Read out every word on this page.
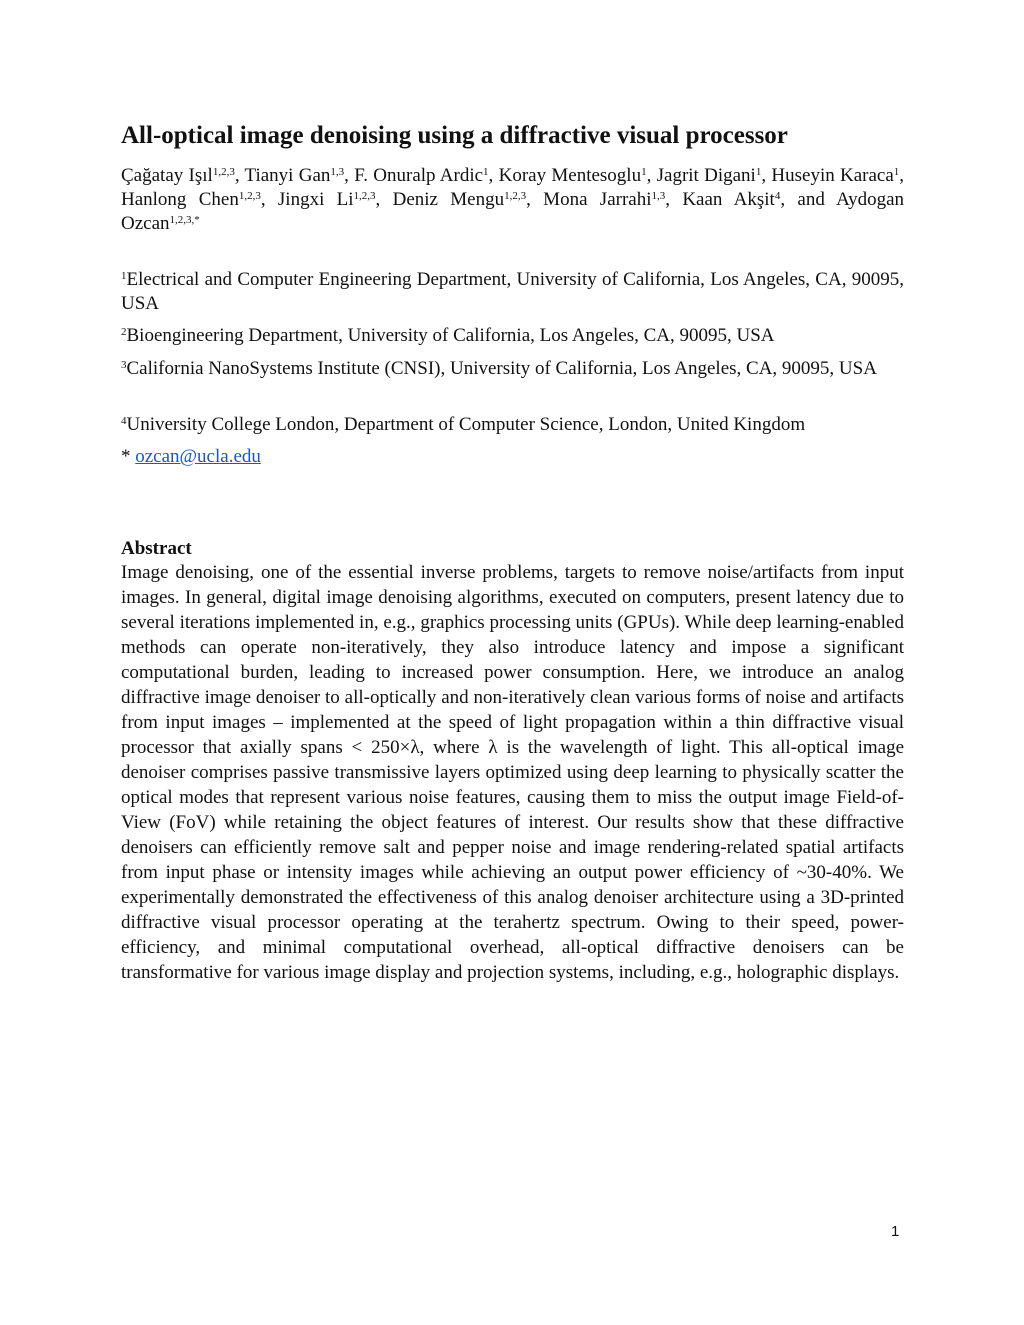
All-optical image denoising using a diffractive visual processor
Çağatay Işıl$^{1,2,3}$, Tianyi Gan$^{1,3}$, F. Onuralp Ardic$^1$, Koray Mentesoglu$^1$, Jagrit Digani$^1$, Huseyin Karaca$^1$, Hanlong Chen$^{1,2,3}$, Jingxi Li$^{1,2,3}$, Deniz Mengu$^{1,2,3}$, Mona Jarrahi$^{1,3}$, Kaan Akşit$^4$, and Aydogan Ozcan$^{1,2,3,*}$
$^1$Electrical and Computer Engineering Department, University of California, Los Angeles, CA, 90095, USA
$^2$Bioengineering Department, University of California, Los Angeles, CA, 90095, USA
$^3$California NanoSystems Institute (CNSI), University of California, Los Angeles, CA, 90095, USA
$^4$University College London, Department of Computer Science, London, United Kingdom
* ozcan@ucla.edu
Abstract

Image denoising, one of the essential inverse problems, targets to remove noise/artifacts from input images. In general, digital image denoising algorithms, executed on computers, present latency due to several iterations implemented in, e.g., graphics processing units (GPUs). While deep learning-enabled methods can operate non-iteratively, they also introduce latency and impose a significant computational burden, leading to increased power consumption. Here, we introduce an analog diffractive image denoiser to all-optically and non-iteratively clean various forms of noise and artifacts from input images – implemented at the speed of light propagation within a thin diffractive visual processor that axially spans < 250×λ, where λ is the wavelength of light. This all-optical image denoiser comprises passive transmissive layers optimized using deep learning to physically scatter the optical modes that represent various noise features, causing them to miss the output image Field-of-View (FoV) while retaining the object features of interest. Our results show that these diffractive denoisers can efficiently remove salt and pepper noise and image rendering-related spatial artifacts from input phase or intensity images while achieving an output power efficiency of ~30-40%. We experimentally demonstrated the effectiveness of this analog denoiser architecture using a 3D-printed diffractive visual processor operating at the terahertz spectrum. Owing to their speed, power-efficiency, and minimal computational overhead, all-optical diffractive denoisers can be transformative for various image display and projection systems, including, e.g., holographic displays.

1
